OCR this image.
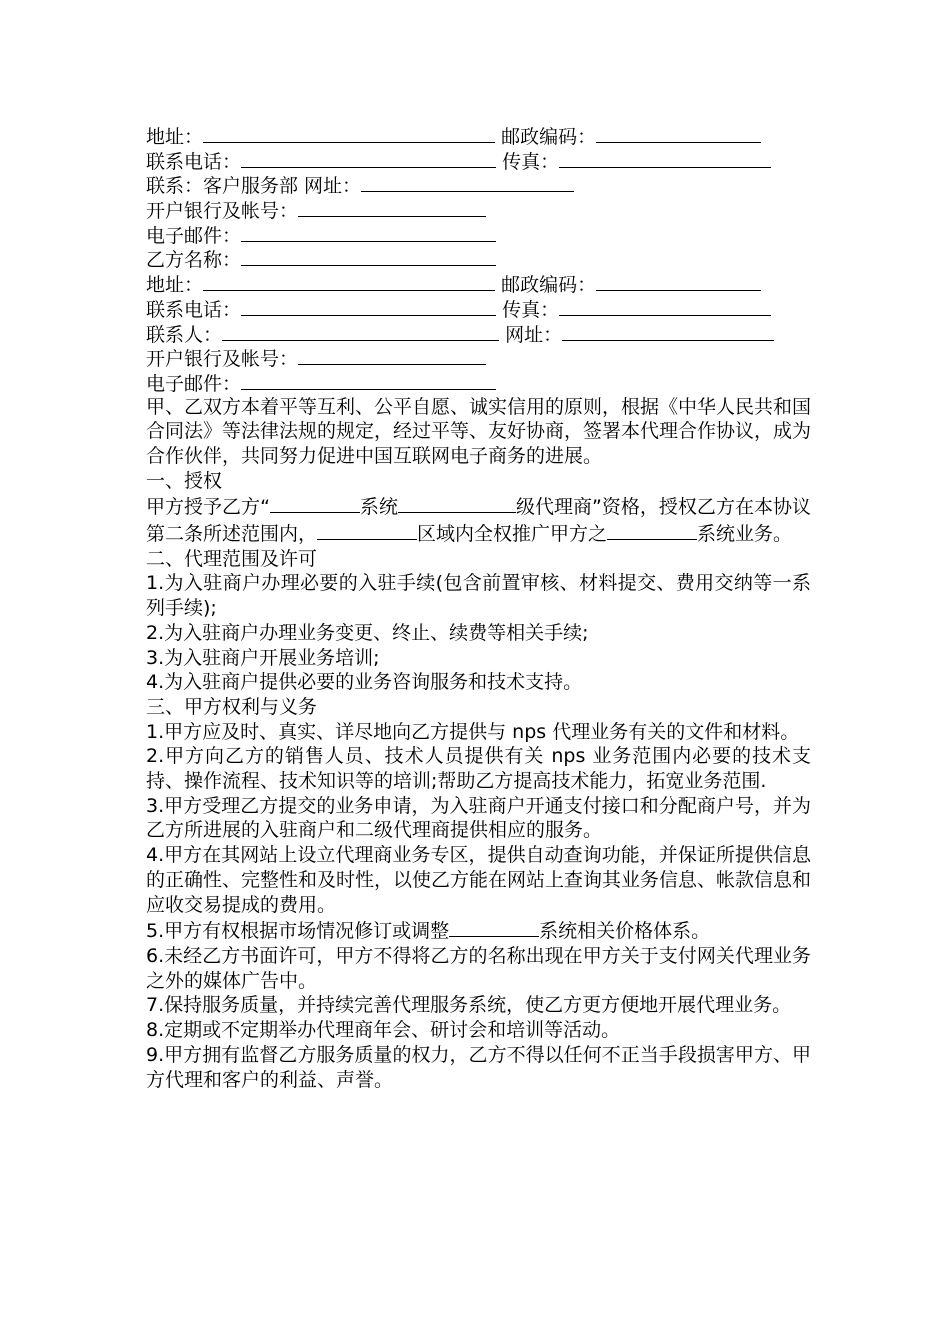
地址：	邮政编码：
联系电话：	传真：
联系：客户服务部 网址：
开户银行及帐号：
电子邮件：
乙方名称：
地址：	邮政编码：
联系电话：	传真：
联系人：	网址：
开户银行及帐号：
电子邮件：
甲、乙双方本着平等互利、公平自愿、诚实信用的原则，根据《中华人民共和国合同法》等法律法规的规定，经过平等、友好协商，签署本代理合作协议，成为合作伙伴，共同努力促进中国互联网电子商务的进展。
一、授权
甲方授予乙方“	系统	级代理商”资格，授权乙方在本协议第二条所述范围内，	区域内全权推广甲方之	系统业务。
二、代理范围及许可
1.为入驻商户办理必要的入驻手续(包含前置审核、材料提交、费用交纳等一系列手续);
2.为入驻商户办理业务变更、终止、续费等相关手续;
3.为入驻商户开展业务培训;
4.为入驻商户提供必要的业务咨询服务和技术支持。
三、甲方权利与义务
1.甲方应及时、真实、详尽地向乙方提供与 nps 代理业务有关的文件和材料。
2.甲方向乙方的销售人员、技术人员提供有关 nps 业务范围内必要的技术支持、操作流程、技术知识等的培训;帮助乙方提高技术能力，拓宽业务范围.
3.甲方受理乙方提交的业务申请，为入驻商户开通支付接口和分配商户号，并为乙方所进展的入驻商户和二级代理商提供相应的服务。
4.甲方在其网站上设立代理商业务专区，提供自动查询功能，并保证所提供信息的正确性、完整性和及时性，以使乙方能在网站上查询其业务信息、帐款信息和应收交易提成的费用。
5.甲方有权根据市场情况修订或调整	系统相关价格体系。
6.未经乙方书面许可，甲方不得将乙方的名称出现在甲方关于支付网关代理业务之外的媒体广告中。
7.保持服务质量，并持续完善代理服务系统，使乙方更方便地开展代理业务。
8.定期或不定期举办代理商年会、研讨会和培训等活动。
9.甲方拥有监督乙方服务质量的权力，乙方不得以任何不正当手段损害甲方、甲方代理和客户的利益、声誉。
